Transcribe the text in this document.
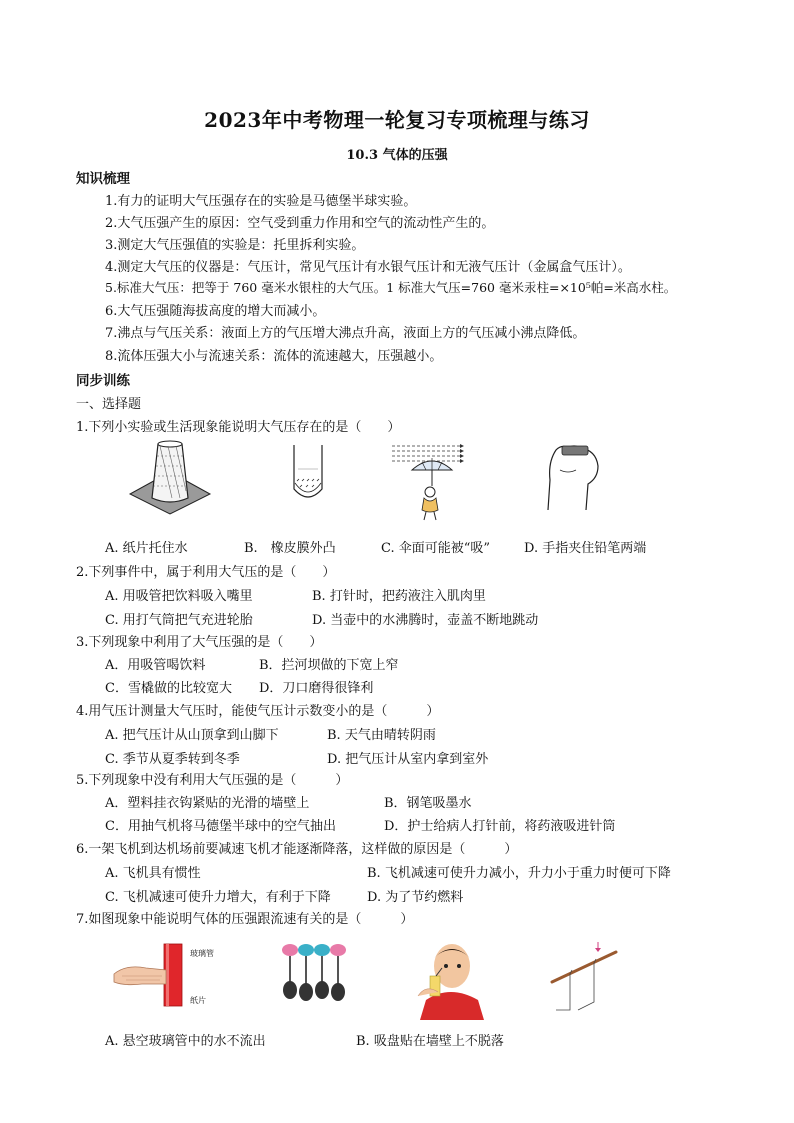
2023年中考物理一轮复习专项梳理与练习
10.3 气体的压强
知识梳理
1.有力的证明大气压强存在的实验是马德堡半球实验。
2.大气压强产生的原因：空气受到重力作用和空气的流动性产生的。
3.测定大气压强值的实验是：托里拆利实验。
4.测定大气压的仪器是：气压计，常见气压计有水银气压计和无液气压计（金属盒气压计）。
5.标准大气压：把等于 760 毫米水银柱的大气压。1 标准大气压=760 毫米汞柱=×10⁵帕=米高水柱。
6.大气压强随海拔高度的增大而减小。
7.沸点与气压关系：液面上方的气压增大沸点升高，液面上方的气压减小沸点降低。
8.流体压强大小与流速关系：流体的流速越大，压强越小。
同步训练
一、选择题
1.下列小实验或生活现象能说明大气压存在的是（　　）
A. 纸片托住水	B.　橡皮膜外凸	C. 伞面可能被“吸”	D. 手指夹住铅笔两端
2.下列事件中，属于利用大气压的是（　　）
A. 用吸管把饮料吸入嘴里	B. 打针时，把药液注入肌肉里
C. 用打气筒把气充进轮胎	D. 当壶中的水沸腾时，壶盖不断地跳动
3.下列现象中利用了大气压强的是（　　）
A．用吸管喝饮料	B．拦河坝做的下宽上窄
C．雪橇做的比较宽大 D．刀口磨得很锋利
4.用气压计测量大气压时，能使气压计示数变小的是（　　　）
A. 把气压计从山顶拿到山脚下	B. 天气由晴转阴雨
C. 季节从夏季转到冬季	D. 把气压计从室内拿到室外
5.下列现象中没有利用大气压强的是（　　　）
A．塑料挂衣钩紧贴的光滑的墙壁上	B．钢笔吸墨水
C．用抽气机将马德堡半球中的空气抽出	D．护士给病人打针前，将药液吸进针筒
6.一架飞机到达机场前要减速飞机才能逐渐降落，这样做的原因是（　　　）
A. 飞机具有惯性	B. 飞机减速可使升力减小，升力小于重力时便可下降
C. 飞机减速可使升力增大，有利于下降	D. 为了节约燃料
7.如图现象中能说明气体的压强跟流速有关的是（　　　）
玻璃管
纸片
A. 悬空玻璃管中的水不流出	B. 吸盘贴在墙壁上不脱落
